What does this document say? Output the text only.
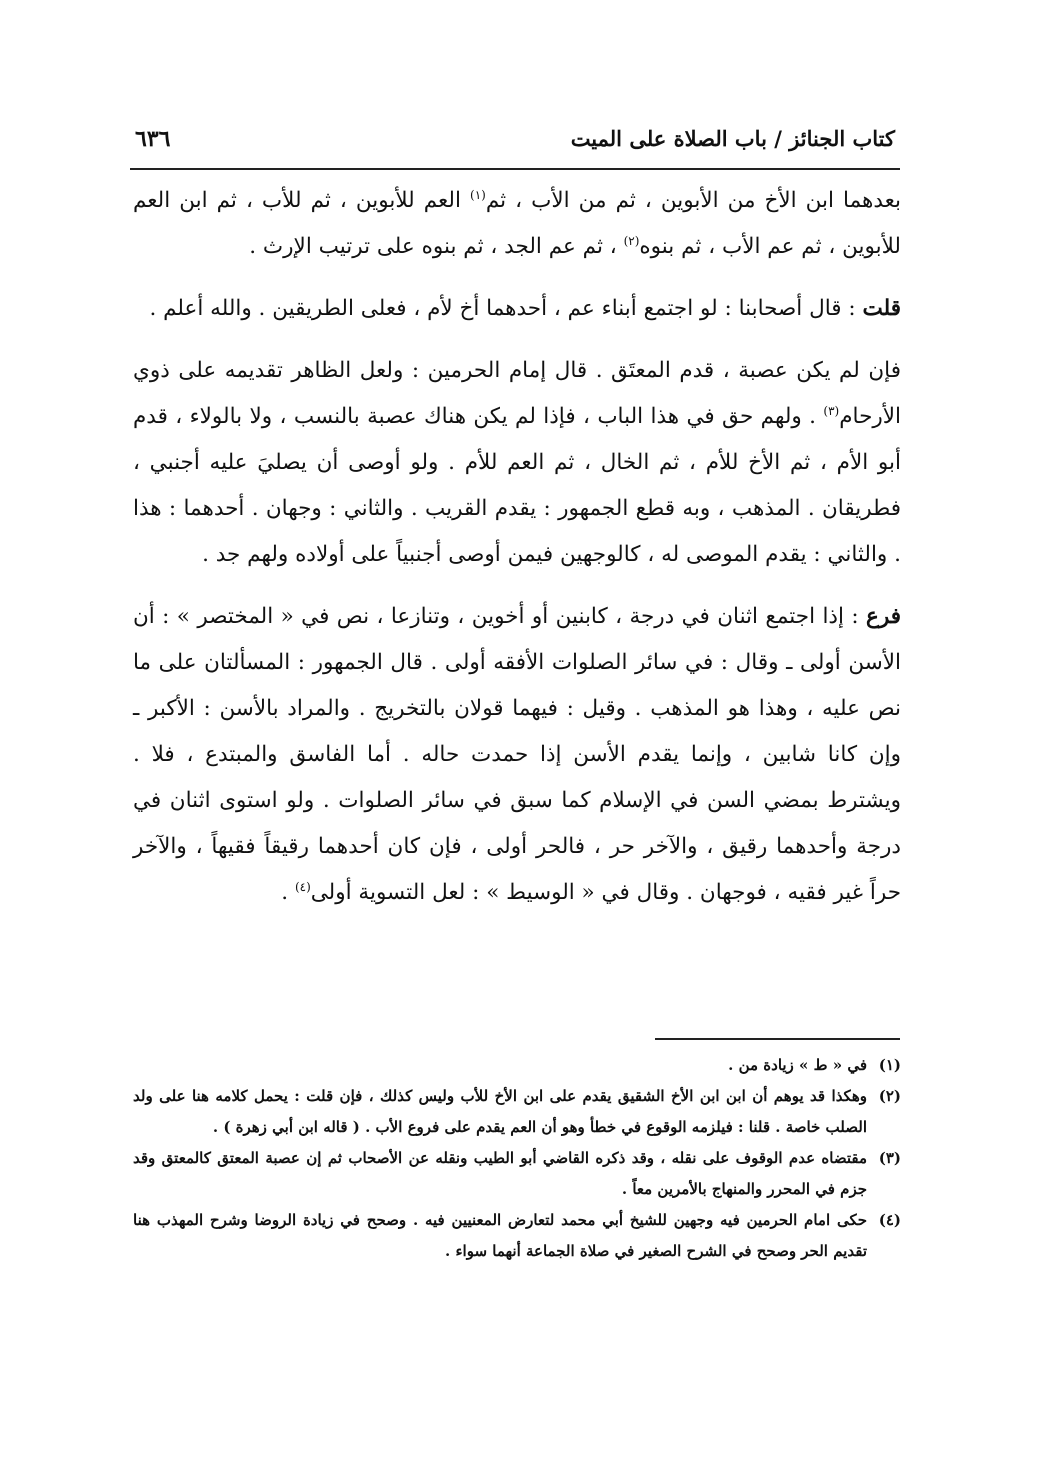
كتاب الجنائز / باب الصلاة على الميت
٦٣٦

بعدهما ابن الأخ من الأبوين ، ثم من الأب ، ثم$^{(١)}$ العم للأبوين ، ثم للأب ، ثم ابن العم للأبوين ، ثم عم الأب ، ثم بنوه$^{(٢)}$ ، ثم عم الجد ، ثم بنوه على ترتيب الإرث .

قلت : قال أصحابنا : لو اجتمع أبناء عم ، أحدهما أخ لأم ، فعلى الطريقين . والله أعلم .

فإن لم يكن عصبة ، قدم المعتَق . قال إمام الحرمين : ولعل الظاهر تقديمه على ذوي الأرحام$^{(٣)}$ . ولهم حق في هذا الباب ، فإذا لم يكن هناك عصبة بالنسب ، ولا بالولاء ، قدم أبو الأم ، ثم الأخ للأم ، ثم الخال ، ثم العم للأم . ولو أوصى أن يصليَ عليه أجنبي ، فطريقان . المذهب ، وبه قطع الجمهور : يقدم القريب . والثاني : وجهان . أحدهما : هذا . والثاني : يقدم الموصى له ، كالوجهين فيمن أوصى أجنبياً على أولاده ولهم جد .

فرع : إذا اجتمع اثنان في درجة ، كابنين أو أخوين ، وتنازعا ، نص في « المختصر » : أن الأسن أولى ـ وقال : في سائر الصلوات الأفقه أولى . قال الجمهور : المسألتان على ما نص عليه ، وهذا هو المذهب . وقيل : فيهما قولان بالتخريج . والمراد بالأسن : الأكبر ـ وإن كانا شابين ، وإنما يقدم الأسن إذا حمدت حاله . أما الفاسق والمبتدع ، فلا . ويشترط بمضي السن في الإسلام كما سبق في سائر الصلوات . ولو استوى اثنان في درجة وأحدهما رقيق ، والآخر حر ، فالحر أولى ، فإن كان أحدهما رقيقاً فقيهاً ، والآخر حراً غير فقيه ، فوجهان . وقال في « الوسيط » : لعل التسوية أولى$^{(٤)}$ .

(١)
في « ط » زيادة من .
(٢)
وهكذا قد يوهم أن ابن ابن الأخ الشقيق يقدم على ابن الأخ للأب وليس كذلك ، فإن قلت : يحمل كلامه هنا على ولد الصلب خاصة . قلنا : فيلزمه الوقوع في خطأ وهو أن العم يقدم على فروع الأب . ( قاله ابن أبي زهرة ) .
(٣)
مقتضاه عدم الوقوف على نقله ، وقد ذكره القاضي أبو الطيب ونقله عن الأصحاب ثم إن عصبة المعتق كالمعتق وقد جزم في المحرر والمنهاج بالأمرين معاً .
(٤)
حكى امام الحرمين فيه وجهين للشيخ أبي محمد لتعارض المعنيين فيه . وصحح في زيادة الروضا وشرح المهذب هنا تقديم الحر وصحح في الشرح الصغير في صلاة الجماعة أنهما سواء .
